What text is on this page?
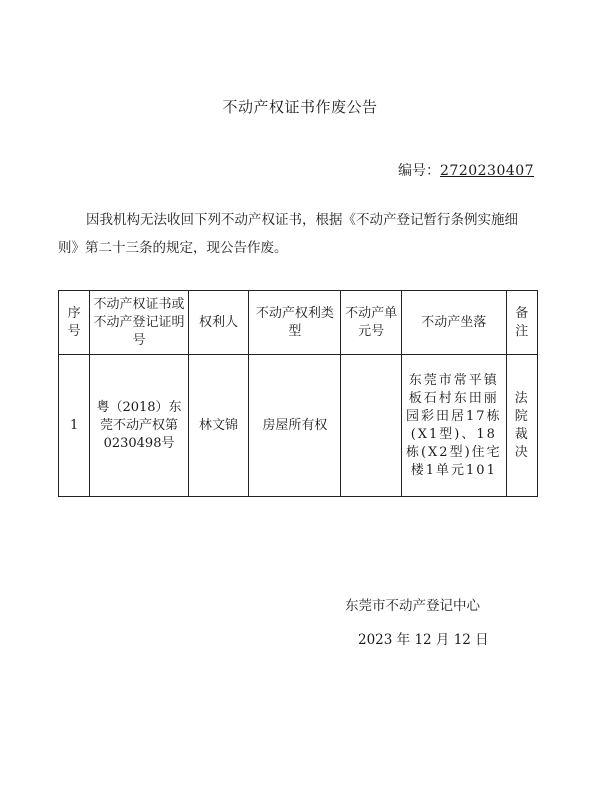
不动产权证书作废公告
编号：2720230407
因我机构无法收回下列不动产权证书，根据《不动产登记暂行条例实施细则》第二十三条的规定，现公告作废。
序号	不动产权证书或不动产登记证明号	权利人	不动产权利类型	不动产单元号	不动产坐落	备注
1	粤（2018）东莞不动产权第0230498号	林文锦	房屋所有权		东莞市常平镇板石村东田丽园彩田居17栋(X1型)、18栋(X2型)住宅楼1单元101	法院裁决
东莞市不动产登记中心
2023 年 12 月 12 日
